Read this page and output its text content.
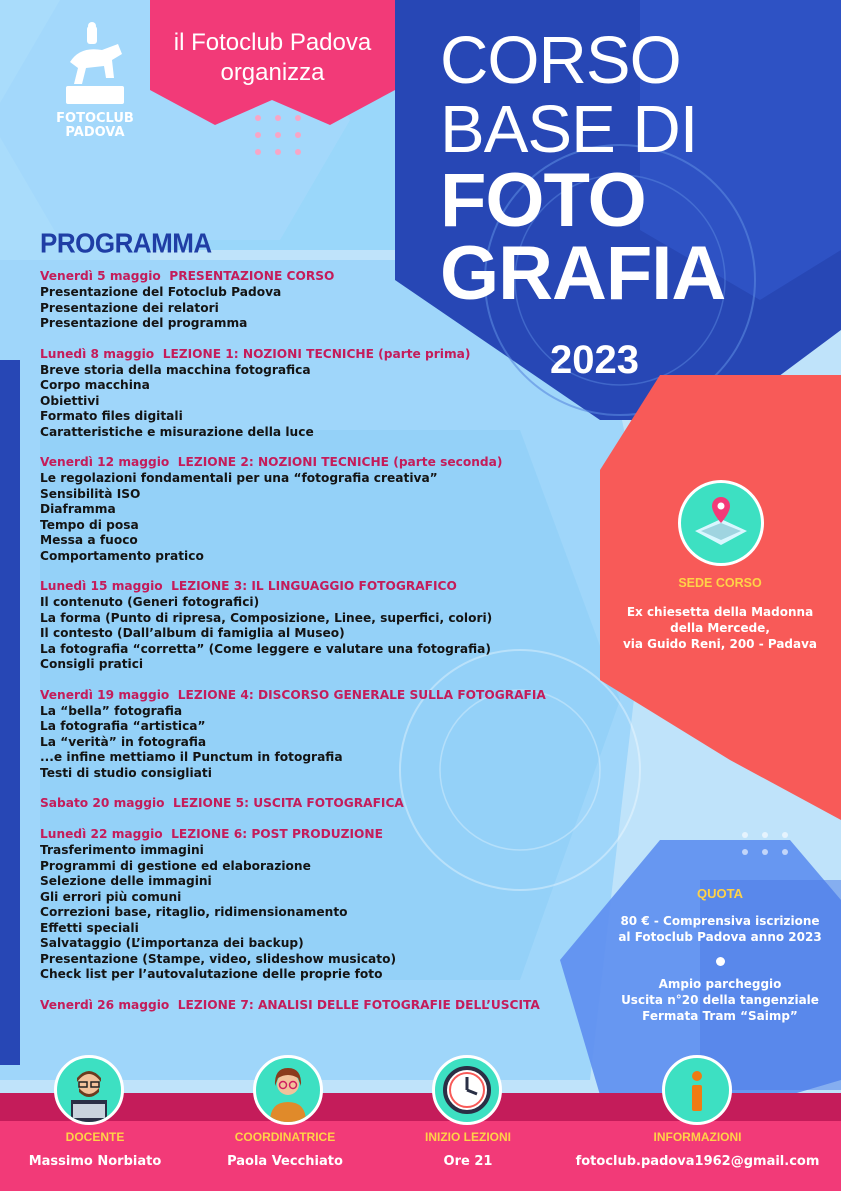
FOTOCLUB
PADOVA
il Fotoclub Padova
organizza	CORSO
BASE DI
FOTO
GRAFIA
2023
PROGRAMMA
Venerdì 5 maggio PRESENTAZIONE CORSO
Presentazione del Fotoclub Padova
Presentazione dei relatori
Presentazione del programma
Lunedì 8 maggio LEZIONE 1: NOZIONI TECNICHE (parte prima)
Breve storia della macchina fotografica
Corpo macchina
Obiettivi
Formato files digitali
Caratteristiche e misurazione della luce
Venerdì 12 maggio LEZIONE 2: NOZIONI TECNICHE (parte seconda)
Le regolazioni fondamentali per una “fotografia creativa”
Sensibilità ISO
Diaframma
Tempo di posa
Messa a fuoco
Comportamento pratico
Lunedì 15 maggio LEZIONE 3: IL LINGUAGGIO FOTOGRAFICO
Il contenuto (Generi fotografici)
La forma (Punto di ripresa, Composizione, Linee, superfici, colori)
Il contesto (Dall’album di famiglia al Museo)
La fotografia “corretta” (Come leggere e valutare una fotografia)
Consigli pratici
Venerdì 19 maggio LEZIONE 4: DISCORSO GENERALE SULLA FOTOGRAFIA
La “bella” fotografia
La fotografia “artistica”
La “verità” in fotografia
...e infine mettiamo il Punctum in fotografia
Testi di studio consigliati
Sabato 20 maggio LEZIONE 5: USCITA FOTOGRAFICA
Lunedì 22 maggio LEZIONE 6: POST PRODUZIONE
Trasferimento immagini
Programmi di gestione ed elaborazione
Selezione delle immagini
Gli errori più comuni
Correzioni base, ritaglio, ridimensionamento
Effetti speciali
Salvataggio (L’importanza dei backup)
Presentazione (Stampe, video, slideshow musicato)
Check list per l’autovalutazione delle proprie foto
Venerdì 26 maggio LEZIONE 7: ANALISI DELLE FOTOGRAFIE DELL’USCITA
SEDE CORSO
Ex chiesetta della Madonna
della Mercede,
via Guido Reni, 200 - Padava
QUOTA
80 € - Comprensiva iscrizione
al Fotoclub Padova anno 2023
Ampio parcheggio
Uscita n°20 della tangenziale
Fermata Tram “Saimp”
DOCENTE
Massimo Norbiato
COORDINATRICE
Paola Vecchiato
INIZIO LEZIONI
Ore 21
INFORMAZIONI
fotoclub.padova1962@gmail.com
